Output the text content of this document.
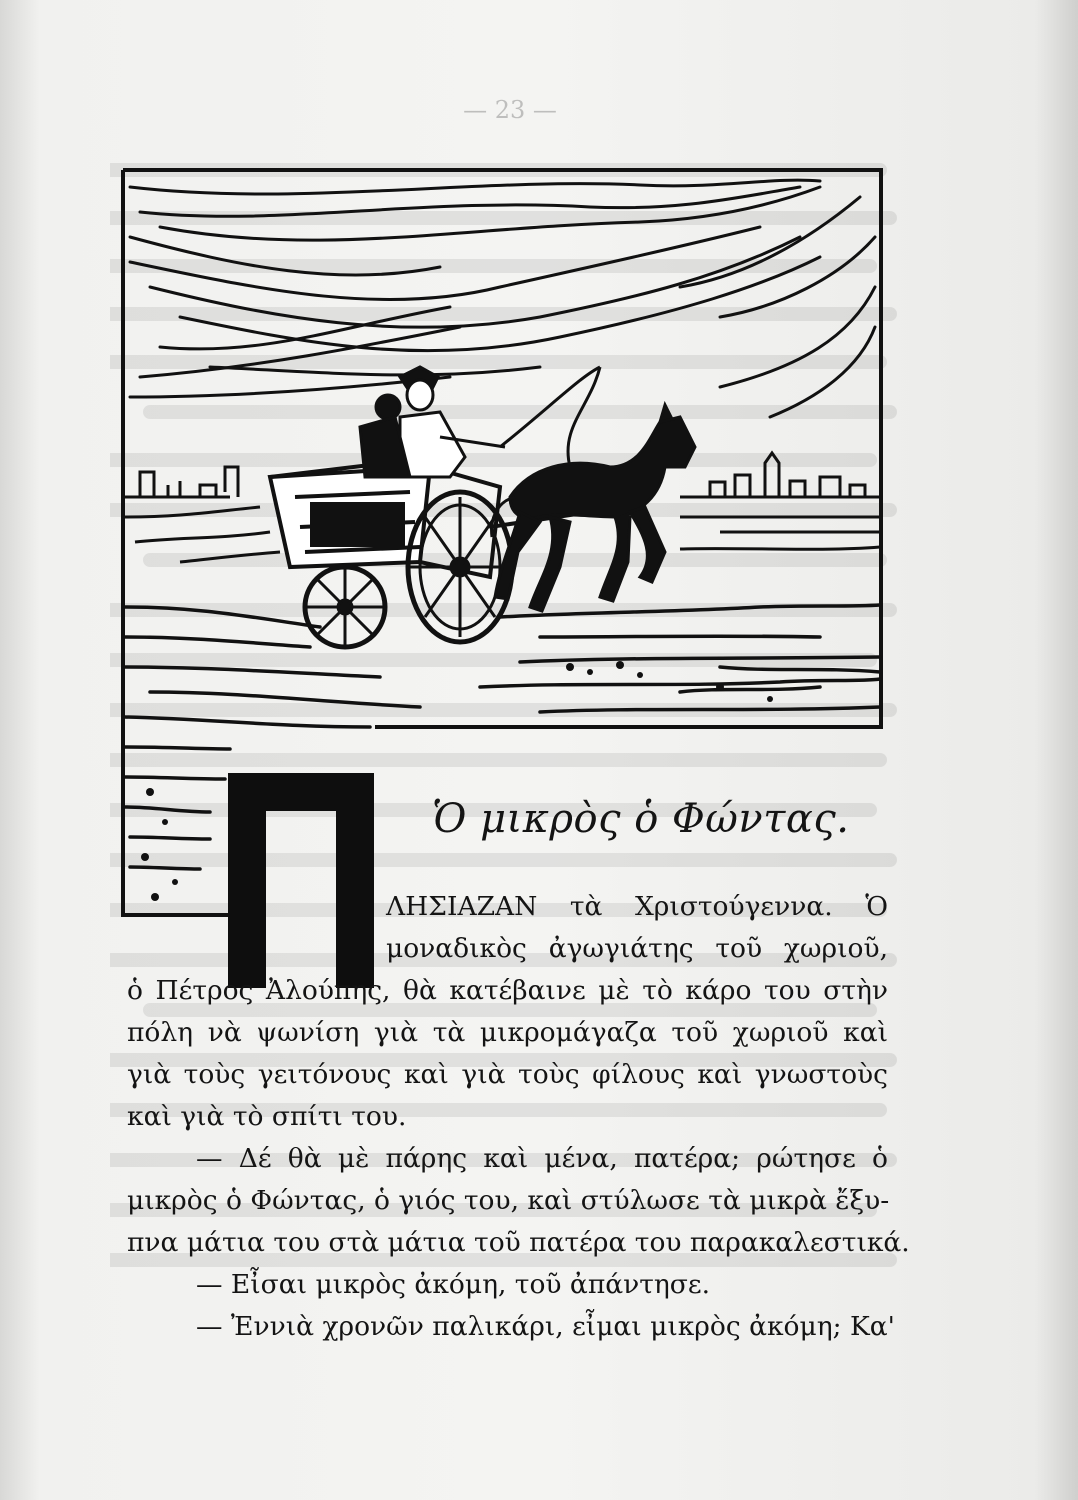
— 23 —
Ὁ μικρὸς ὁ Φώντας.
ΛΗΣΙΑΖΑΝ τὰ Χριστούγεννα. Ὁ
μοναδικὸς ἀγωγιάτης τοῦ χωριοῦ,
ὁ Πέτρος Ἀλούπης, θὰ κατέβαινε μὲ τὸ κάρο του στὴν
πόλη νὰ ψωνίση γιὰ τὰ μικρομάγαζα τοῦ χωριοῦ καὶ
γιὰ τοὺς γειτόνους καὶ γιὰ τοὺς φίλους καὶ γνωστοὺς
καὶ γιὰ τὸ σπίτι του.
— Δέ θὰ μὲ πάρης καὶ μένα, πατέρα; ρώτησε ὁ
μικρὸς ὁ Φώντας, ὁ γιός του, καὶ στύλωσε τὰ μικρὰ ἔξυ-
πνα μάτια του στὰ μάτια τοῦ πατέρα του παρακαλεστικά.
— Εἶσαι μικρὸς ἀκόμη, τοῦ ἀπάντησε.
— Ἐννιὰ χρονῶν παλικάρι, εἶμαι μικρὸς ἀκόμη; Κα'
